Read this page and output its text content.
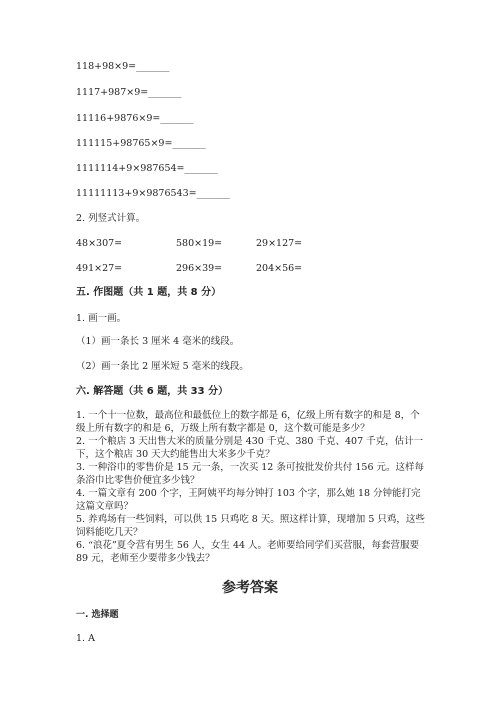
118+98×9=_______
1117+987×9=_______
11116+9876×9=_______
111115+98765×9=_______
1111114+9×987654=_______
11111113+9×9876543=_______
2. 列竖式计算。
48×307=	580×19=	29×127=
491×27=	296×39=	204×56=
五. 作图题（共 1 题，共 8 分）
1. 画一画。
（1）画一条长 3 厘米 4 毫米的线段。
（2）画一条比 2 厘米短 5 毫米的线段。
六. 解答题（共 6 题，共 33 分）
1. 一个十一位数，最高位和最低位上的数字都是 6，亿级上所有数字的和是 8，个级上所有数字的和是 6，万级上所有数字都是 0，这个数可能是多少？
2. 一个粮店 3 天出售大米的质量分别是 430 千克、380 千克、407 千克，估计一下，这个粮店 30 天大约能售出大米多少千克？
3. 一种浴巾的零售价是 15 元一条，一次买 12 条可按批发价共付 156 元。这样每条浴巾比零售价便宜多少钱？
4. 一篇文章有 200 个字，王阿姨平均每分钟打 103 个字，那么她 18 分钟能打完这篇文章吗？
5. 养鸡场有一些饲料，可以供 15 只鸡吃 8 天。照这样计算，现增加 5 只鸡，这些饲料能吃几天？
6. “浪花”夏令营有男生 56 人，女生 44 人。老师要给同学们买营服，每套营服要 89 元，老师至少要带多少钱去？
参考答案
一. 选择题
1. A
